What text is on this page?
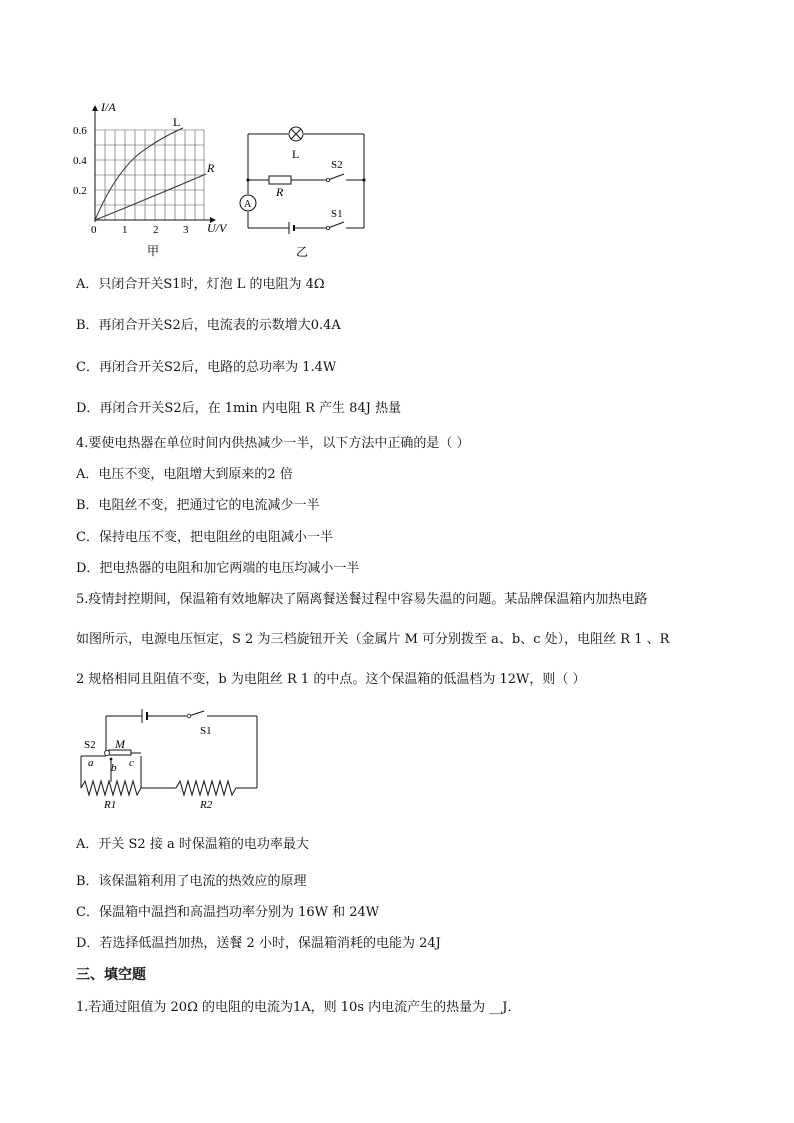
I/A
U/V
0.6
0.4
0.2
0 1 2 3
L
R
甲
L
R
A
S2
S1
乙
A．只闭合开关S1时，灯泡 L 的电阻为 4Ω
B．再闭合开关S2后，电流表的示数增大0.4A
C．再闭合开关S2后，电路的总功率为 1.4W
D．再闭合开关S2后，在 1min 内电阻 R 产生 84J 热量
4.要使电热器在单位时间内供热减少一半，以下方法中正确的是（ ）
A．电压不变，电阻增大到原来的2 倍
B．电阻丝不变，把通过它的电流减少一半
C．保持电压不变，把电阻丝的电阻减小一半
D．把电热器的电阻和加它两端的电压均减小一半
5.疫情封控期间，保温箱有效地解决了隔离餐送餐过程中容易失温的问题。某品牌保温箱内加热电路
如图所示，电源电压恒定，S 2 为三档旋钮开关（金属片 M 可分别拨至 a、b、c 处），电阻丝 R 1 、R
2 规格相同且阻值不变，b 为电阻丝 R 1 的中点。这个保温箱的低温档为 12W，则（ ）
S2 M
a b c
S1
R1	R2
A．开关 S2 接 a 时保温箱的电功率最大
B．该保温箱利用了电流的热效应的原理
C．保温箱中温挡和高温挡功率分别为 16W 和 24W
D．若选择低温挡加热，送餐 2 小时，保温箱消耗的电能为 24J
三、填空题
1.若通过阻值为 20Ω 的电阻的电流为1A，则 10s 内电流产生的热量为 __J．
